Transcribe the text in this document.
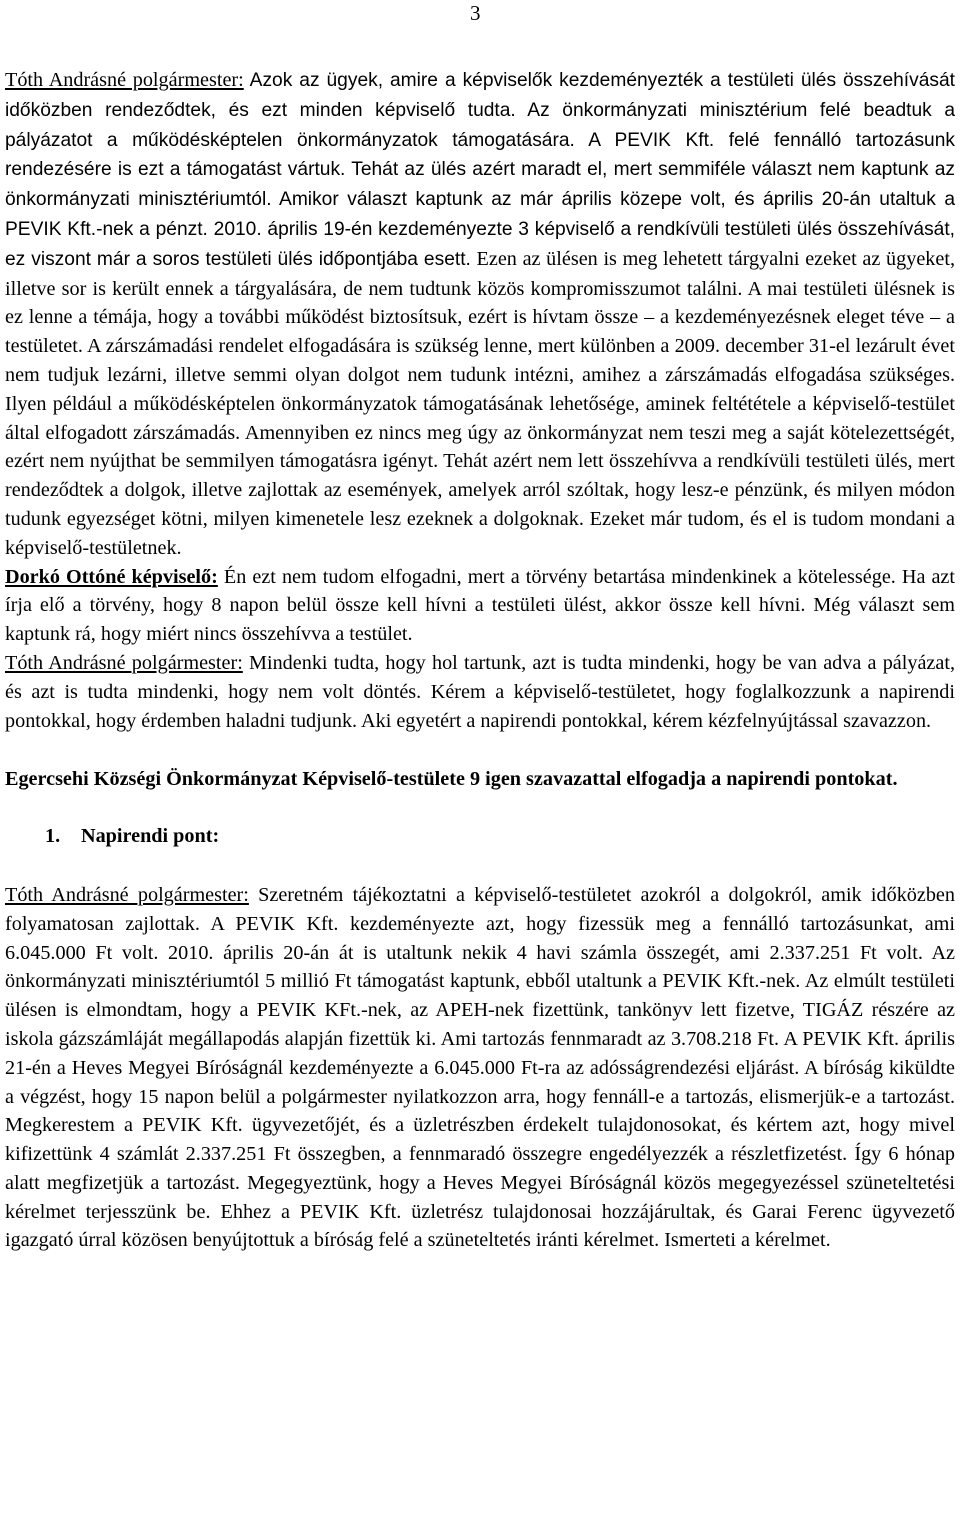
3

Tóth Andrásné polgármester: Azok az ügyek, amire a képviselők kezdeményezték a testületi ülés összehívását időközben rendeződtek, és ezt minden képviselő tudta. Az önkormányzati minisztérium felé beadtuk a pályázatot a működésképtelen önkormányzatok támogatására. A PEVIK Kft. felé fennálló tartozásunk rendezésére is ezt a támogatást vártuk. Tehát az ülés azért maradt el, mert semmiféle választ nem kaptunk az önkormányzati minisztériumtól. Amikor választ kaptunk az már április közepe volt, és április 20-án utaltuk a PEVIK Kft.-nek a pénzt. 2010. április 19-én kezdeményezte 3 képviselő a rendkívüli testületi ülés összehívását, ez viszont már a soros testületi ülés időpontjába esett. Ezen az ülésen is meg lehetett tárgyalni ezeket az ügyeket, illetve sor is került ennek a tárgyalására, de nem tudtunk közös kompromisszumot találni. A mai testületi ülésnek is ez lenne a témája, hogy a további működést biztosítsuk, ezért is hívtam össze – a kezdeményezésnek eleget téve – a testületet. A zárszámadási rendelet elfogadására is szükség lenne, mert különben a 2009. december 31-el lezárult évet nem tudjuk lezárni, illetve semmi olyan dolgot nem tudunk intézni, amihez a zárszámadás elfogadása szükséges. Ilyen például a működésképtelen önkormányzatok támogatásának lehetősége, aminek feltététele a képviselő-testület által elfogadott zárszámadás. Amennyiben ez nincs meg úgy az önkormányzat nem teszi meg a saját kötelezettségét, ezért nem nyújthat be semmilyen támogatásra igényt. Tehát azért nem lett összehívva a rendkívüli testületi ülés, mert rendeződtek a dolgok, illetve zajlottak az események, amelyek arról szóltak, hogy lesz-e pénzünk, és milyen módon tudunk egyezséget kötni, milyen kimenetele lesz ezeknek a dolgoknak. Ezeket már tudom, és el is tudom mondani a képviselő-testületnek.

Dorkó Ottóné képviselő: Én ezt nem tudom elfogadni, mert a törvény betartása mindenkinek a kötelessége. Ha azt írja elő a törvény, hogy 8 napon belül össze kell hívni a testületi ülést, akkor össze kell hívni. Még választ sem kaptunk rá, hogy miért nincs összehívva a testület.

Tóth Andrásné polgármester: Mindenki tudta, hogy hol tartunk, azt is tudta mindenki, hogy be van adva a pályázat, és azt is tudta mindenki, hogy nem volt döntés. Kérem a képviselő-testületet, hogy foglalkozzunk a napirendi pontokkal, hogy érdemben haladni tudjunk. Aki egyetért a napirendi pontokkal, kérem kézfelnyújtással szavazzon.

Egercsehi Községi Önkormányzat Képviselő-testülete 9 igen szavazattal elfogadja a napirendi pontokat.

1. Napirendi pont:

Tóth Andrásné polgármester: Szeretném tájékoztatni a képviselő-testületet azokról a dolgokról, amik időközben folyamatosan zajlottak. A PEVIK Kft. kezdeményezte azt, hogy fizessük meg a fennálló tartozásunkat, ami 6.045.000 Ft volt. 2010. április 20-án át is utaltunk nekik 4 havi számla összegét, ami 2.337.251 Ft volt. Az önkormányzati minisztériumtól 5 millió Ft támogatást kaptunk, ebből utaltunk a PEVIK Kft.-nek. Az elmúlt testületi ülésen is elmondtam, hogy a PEVIK KFt.-nek, az APEH-nek fizettünk, tankönyv lett fizetve, TIGÁZ részére az iskola gázszámláját megállapodás alapján fizettük ki. Ami tartozás fennmaradt az 3.708.218 Ft. A PEVIK Kft. április 21-én a Heves Megyei Bíróságnál kezdeményezte a 6.045.000 Ft-ra az adósságrendezési eljárást. A bíróság kiküldte a végzést, hogy 15 napon belül a polgármester nyilatkozzon arra, hogy fennáll-e a tartozás, elismerjük-e a tartozást. Megkerestem a PEVIK Kft. ügyvezetőjét, és a üzletrészben érdekelt tulajdonosokat, és kértem azt, hogy mivel kifizettünk 4 számlát 2.337.251 Ft összegben, a fennmaradó összegre engedélyezzék a részletfizetést. Így 6 hónap alatt megfizetjük a tartozást. Megegyeztünk, hogy a Heves Megyei Bíróságnál közös megegyezéssel szüneteltetési kérelmet terjesszünk be. Ehhez a PEVIK Kft. üzletrész tulajdonosai hozzájárultak, és Garai Ferenc ügyvezető igazgató úrral közösen benyújtottuk a bíróság felé a szüneteltetés iránti kérelmet. Ismerteti a kérelmet.
